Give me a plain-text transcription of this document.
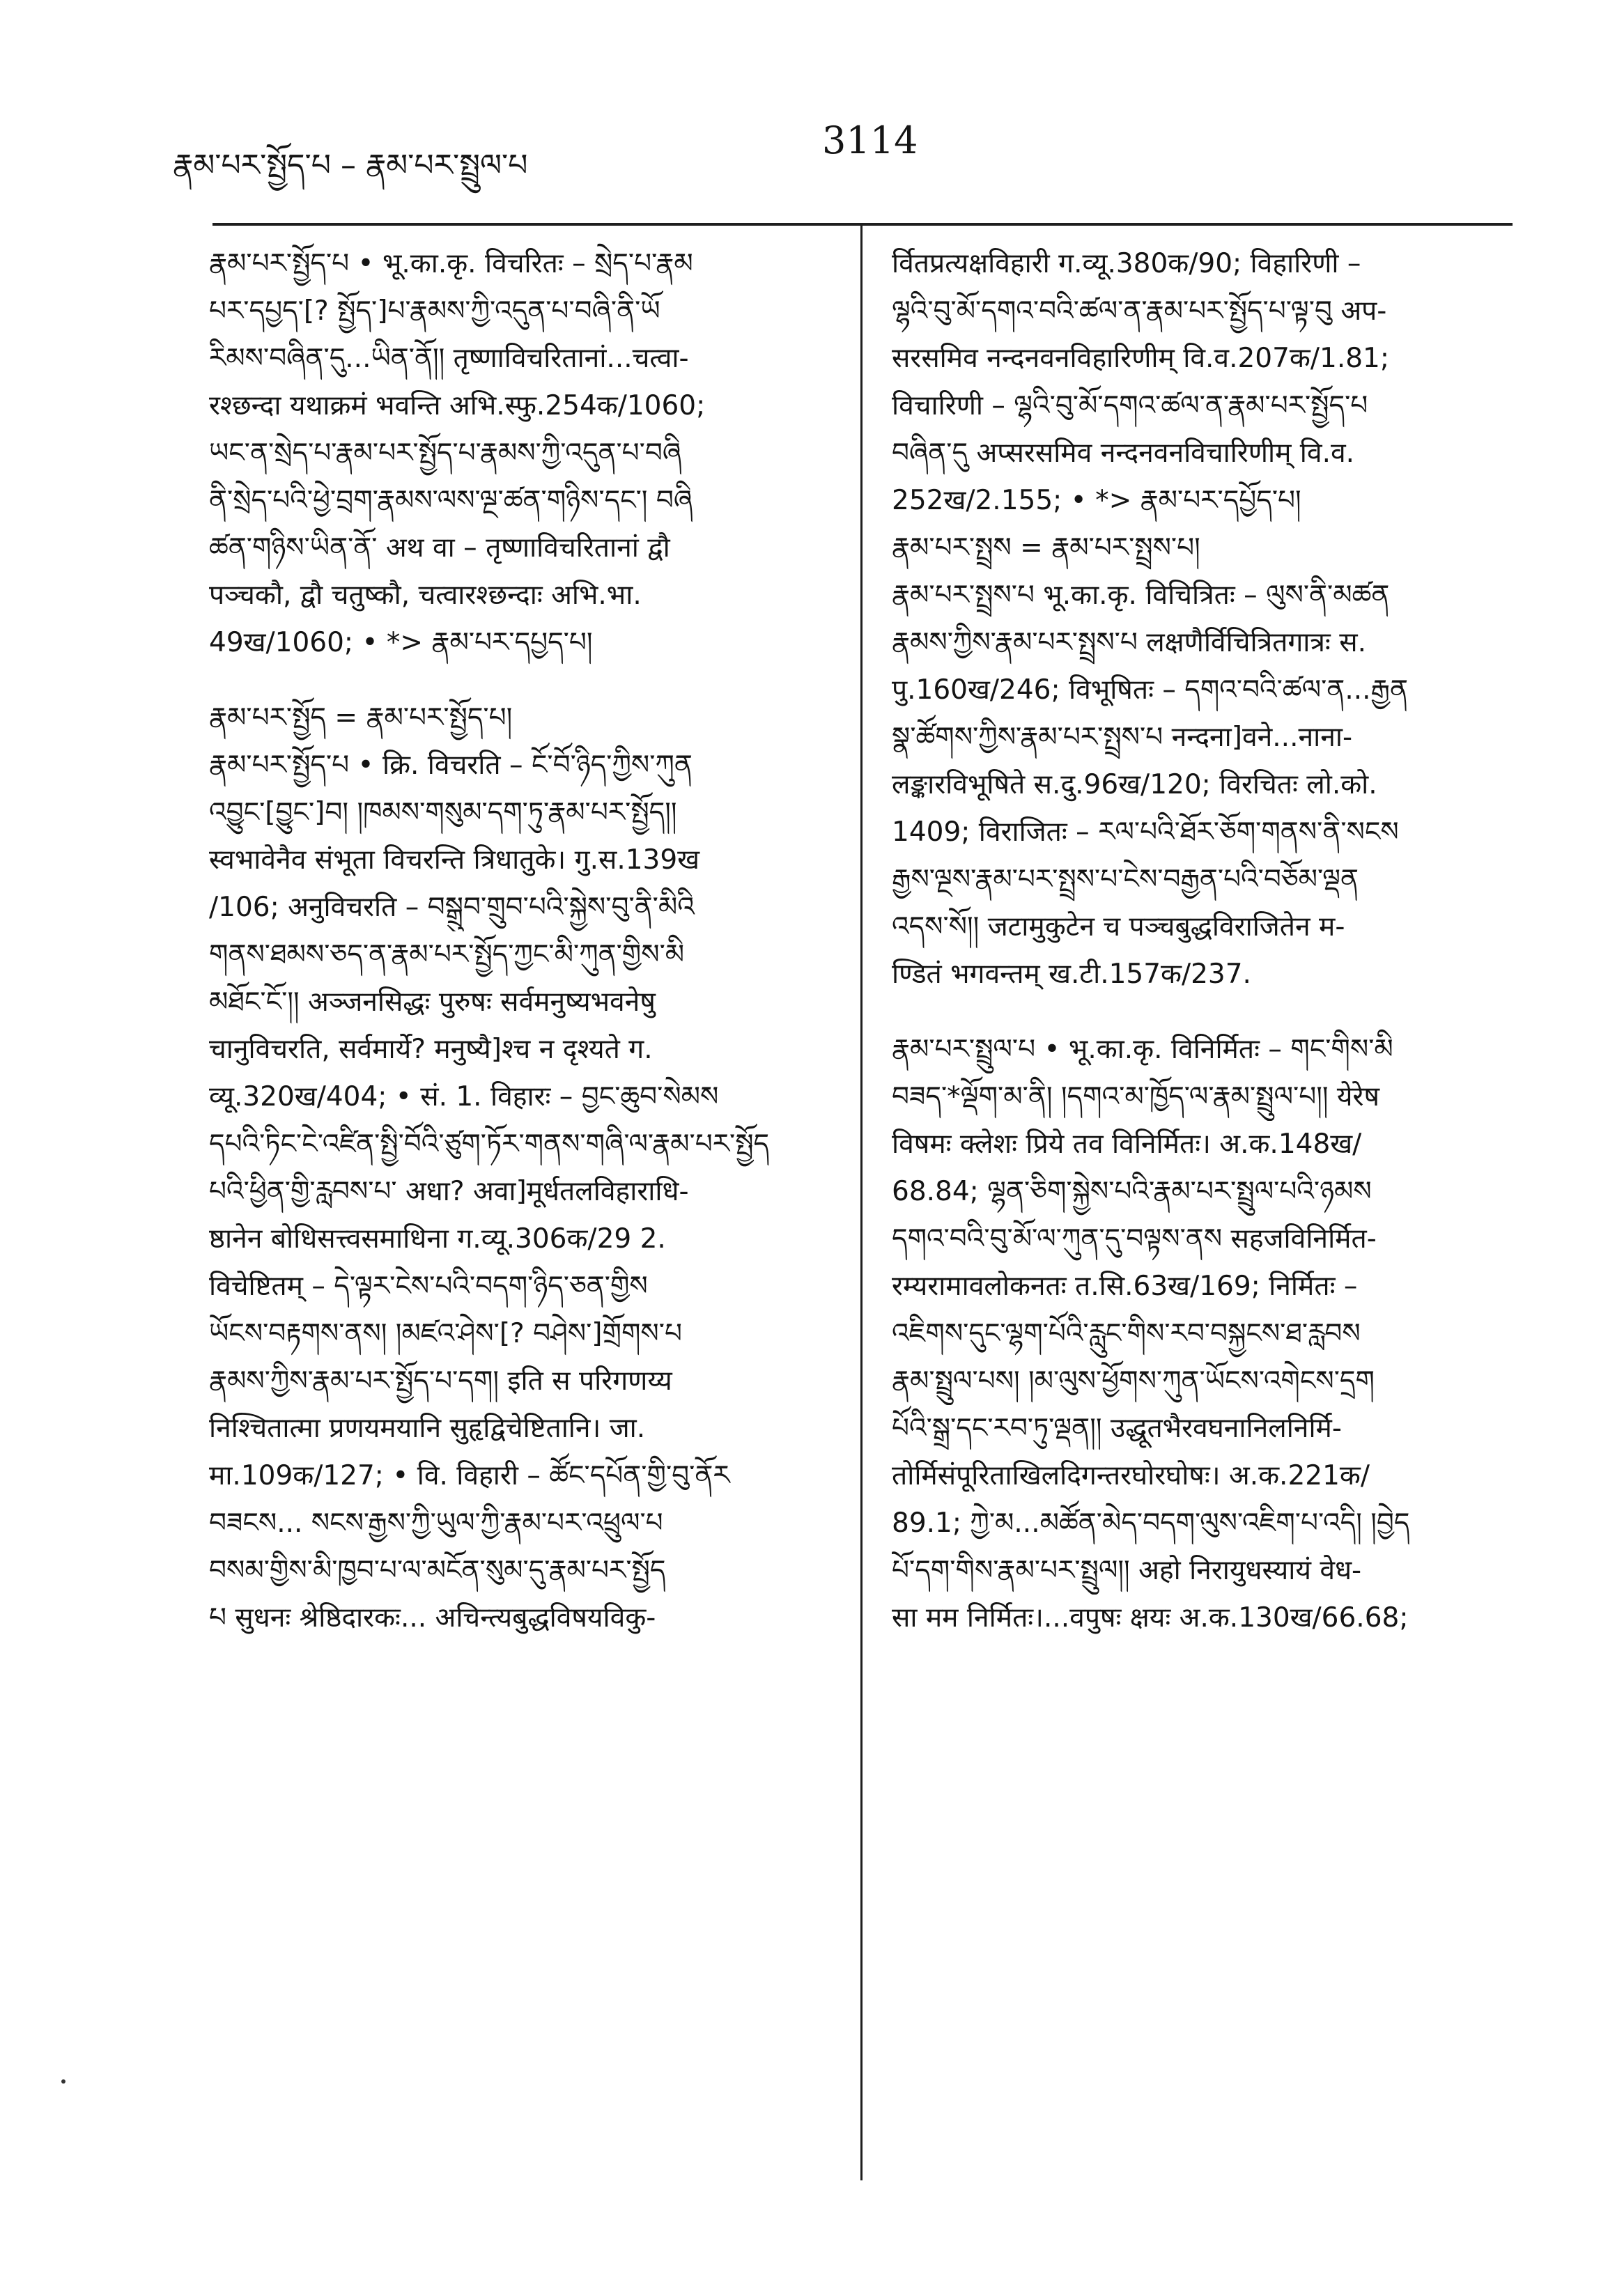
རྣམ་པར་སྤྱོད་པ – རྣམ་པར་སྤྲུལ་པ
3114
རྣམ་པར་སྤྱོད་པ • भू.का.कृ. विचरितः – སྲེད་པ་རྣམ
པར་དཔྱད་[? སྤྱོད་]པ་རྣམས་ཀྱི་འདུན་པ་བཞི་ནི་ཡོ
རིམས་བཞིན་དུ...ཡིན་ནོ།། तृष्णाविचरितानां...चत्वा-
रश्छन्दा यथाक्रमं भवन्ति अभि.स्फु.254क/1060;
ཡང་ན་སྲེད་པ་རྣམ་པར་སྤྱོད་པ་རྣམས་ཀྱི་འདུན་པ་བཞི
ནི་སྲེད་པའི་ཕྱེ་བྲག་རྣམས་ལས་ལྔ་ཚན་གཉིས་དང་། བཞི
ཚན་གཉིས་ཡིན་ནོ་ अथ वा – तृष्णाविचरितानां द्वौ
पञ्चकौ, द्वौ चतुष्कौ, चत्वारश्छन्दाः अभि.भा.
49ख/1060; • *> རྣམ་པར་དཔྱད་པ།
རྣམ་པར་སྤྱོད = རྣམ་པར་སྤྱོད་པ།
རྣམ་པར་སྤྱོད་པ • क्रि. विचरति – ངོ་བོ་ཉིད་ཀྱིས་ཀུན
འབྱུང་[བྱུང་]བ། །ཁམས་གསུམ་དག་ཏུ་རྣམ་པར་སྤྱོད།།
स्वभावेनैव संभूता विचरन्ति त्रिधातुके। गु.स.139ख
/106; अनुविचरति – བསྒྲུབ་གྲུབ་པའི་སྐྱེས་བུ་ནི་མིའི
གནས་ཐམས་ཅད་ན་རྣམ་པར་སྤྱོད་ཀྱང་མི་ཀུན་གྱིས་མི
མཐོང་ངོ་།། अञ्जनसिद्धः पुरुषः सर्वमनुष्यभवनेषु
चानुविचरति, सर्वमार्ये? मनुष्यै]श्च न दृश्यते ग.
व्यू.320ख/404; • सं. 1. विहारः – བྱང་ཆུབ་སེམས
དཔའི་ཏིང་ངེ་འཛིན་སྤྱི་བོའི་ཙུག་ཏོར་གནས་གཞི་ལ་རྣམ་པར་སྤྱོད
པའི་ཕྱིན་གྱི་རླབས་པ་ अधा? अवा]मूर्धतलविहाराधि-
ष्ठानेन बोधिसत्त्वसमाधिना ग.व्यू.306क/29 2.
विचेष्टितम् – དེ་ལྟར་ངེས་པའི་བདག་ཉིད་ཅན་གྱིས
ཡོངས་བརྟགས་ནས། །མཛའ་ཤེས་[? བཤེས་]གྲོགས་པ
རྣམས་ཀྱིས་རྣམ་པར་སྤྱོད་པ་དག། इति स परिगणय्य
निश्चितात्मा प्रणयमयानि सुहृद्विचेष्टितानि। जा.
मा.109क/127; • वि. विहारी – ཚོང་དཔོན་གྱི་བུ་ནོར
བཟངས... སངས་རྒྱས་ཀྱི་ཡུལ་ཀྱི་རྣམ་པར་འཕྲུལ་པ
བསམ་གྱིས་མི་ཁྱབ་པ་ལ་མངོན་སུམ་དུ་རྣམ་པར་སྤྱོད
པ सुधनः श्रेष्ठिदारकः... अचिन्त्यबुद्धविषयविकु-
र्वितप्रत्यक्षविहारी ग.व्यू.380क/90; विहारिणी –
ལྷའི་བུ་མོ་དགའ་བའི་ཚལ་ན་རྣམ་པར་སྤྱོད་པ་ལྟ་བུ अप-
सरसमिव नन्दनवनविहारिणीम् वि.व.207क/1.81;
विचारिणी – ལྷའི་བུ་མོ་དགའ་ཚལ་ན་རྣམ་པར་སྤྱོད་པ
བཞིན་དུ अप्सरसमिव नन्दनवनविचारिणीम् वि.व.
252ख/2.155; • *> རྣམ་པར་དཔྱོད་པ།
རྣམ་པར་སྤྲས = རྣམ་པར་སྤྲས་པ།
རྣམ་པར་སྤྲས་པ भू.का.कृ. विचित्रितः – ལུས་ནི་མཚན
རྣམས་ཀྱིས་རྣམ་པར་སྤྲས་པ लक्षणैर्विचित्रितगात्रः स.
पु.160ख/246; विभूषितः – དགའ་བའི་ཚལ་ན...རྒྱན
སྣ་ཚོགས་ཀྱིས་རྣམ་པར་སྤྲས་པ नन्दना]वने...नाना-
लङ्कारविभूषिते स.दु.96ख/120; विरचितः लो.को.
1409; विराजितः – རལ་པའི་ཐོར་ཅོག་གནས་ནི་སངས
རྒྱས་ལྔས་རྣམ་པར་སྤྲས་པ་ངེས་བརྒྱན་པའི་བཅོམ་ལྡན
འདས་སོ།། जटामुकुटेन च पञ्चबुद्धविराजितेन म-
ण्डितं भगवन्तम् ख.टी.157क/237.
རྣམ་པར་སྤྲུལ་པ • भू.का.कृ. विनिर्मितः – གང་གིས་མི
བཟད་*ལྡོག་མ་ནི། །དགའ་མ་ཁྱོད་ལ་རྣམ་སྤྲུལ་པ།། येरेष
विषमः क्लेशः प्रिये तव विनिर्मितः। अ.क.148ख/
68.84; ལྷན་ཅིག་སྐྱེས་པའི་རྣམ་པར་སྤྲུལ་པའི་ཉམས
དགའ་བའི་བུ་མོ་ལ་ཀུན་དུ་བལྟས་ནས सहजविनिर्मित-
रम्यरामावलोकनतः त.सि.63ख/169; निर्मितः –
འཇིགས་དུང་ལྷག་པོའི་རླུང་གིས་རབ་བསྐྱངས་ཐ་རླབས
རྣམ་སྤྲུལ་པས། །མ་ལུས་ཕྱོགས་ཀུན་ཡོངས་འགེངས་དྲག
པོའི་སྒྲ་དང་རབ་ཏུ་ལྡན།། उद्धूतभैरवघनानिलनिर्मि-
तोर्मिसंपूरिताखिलदिगन्तरघोरघोषः। अ.क.221क/
89.1; ཀྱེ་མ...མཚོན་མེད་བདག་ལུས་འཇིག་པ་འདི། །བྱེད
པོ་དག་གིས་རྣམ་པར་སྤྲུལ།། अहो निरायुधस्यायं वेध-
सा मम निर्मितः।...वपुषः क्षयः अ.क.130ख/66.68;
